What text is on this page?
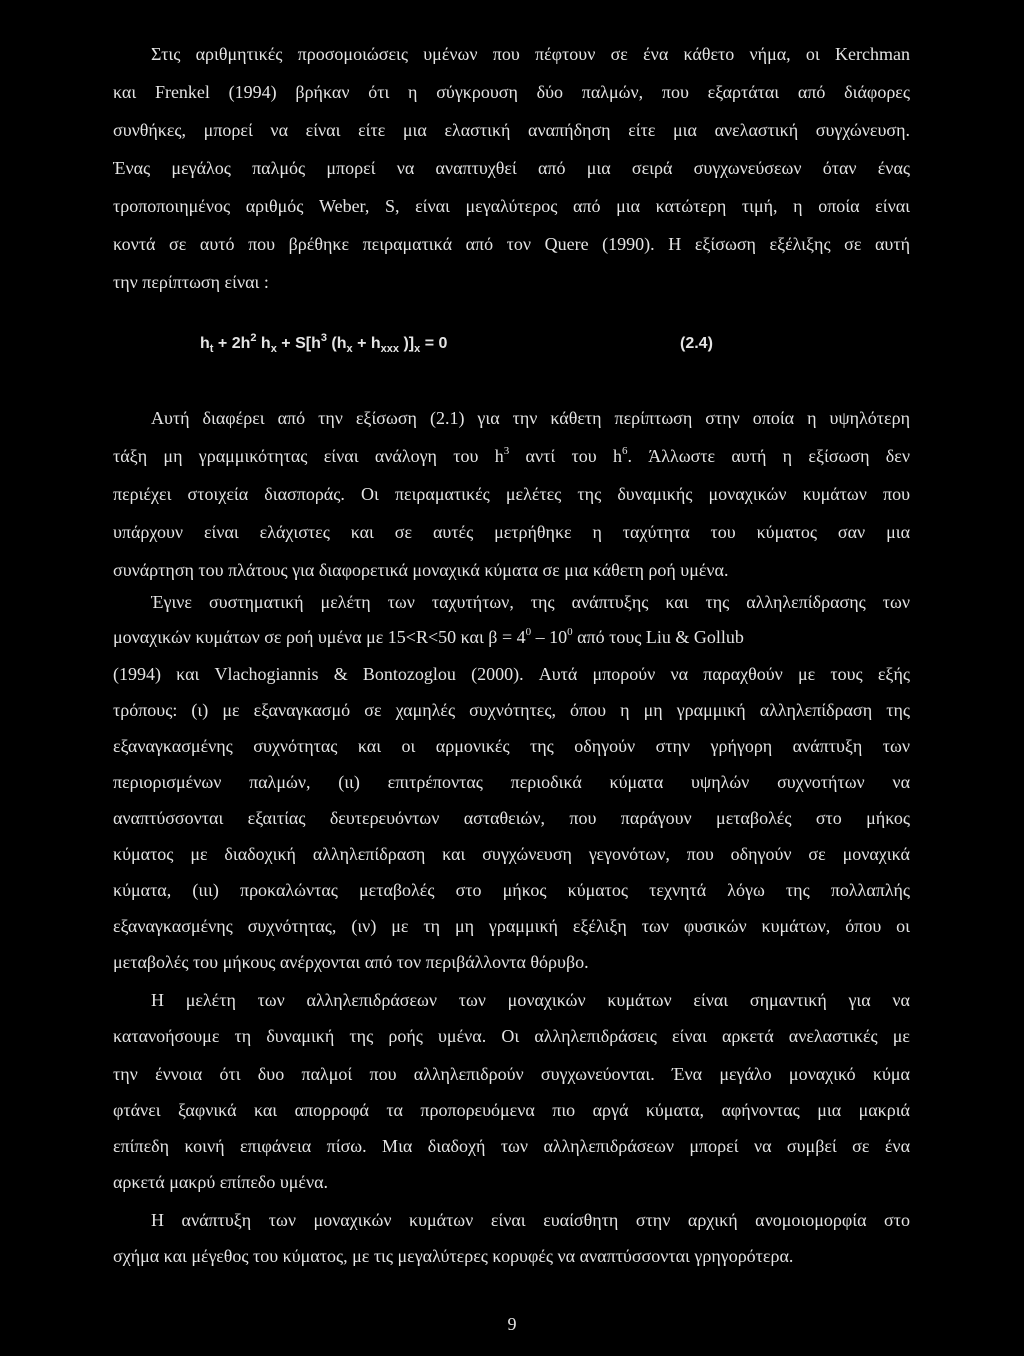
Στις αριθμητικές προσομοιώσεις υμένων που πέφτουν σε ένα κάθετο νήμα, οι Kerchman
και Frenkel (1994) βρήκαν ότι η σύγκρουση δύο παλμών, που εξαρτάται από διάφορες
συνθήκες, μπορεί να είναι είτε μια ελαστική αναπήδηση είτε μια ανελαστική συγχώνευση.
Ένας μεγάλος παλμός μπορεί να αναπτυχθεί από μια σειρά συγχωνεύσεων όταν ένας
τροποποιημένος αριθμός Weber, S, είναι μεγαλύτερος από μια κατώτερη τιμή, η οποία είναι
κοντά σε αυτό που βρέθηκε πειραματικά από τον Quere (1990). Η εξίσωση εξέλιξης σε αυτή
την περίπτωση είναι :
$h_t + 2h^2$ $h_x + S[h^3$ ($h_x + h_{xxx}$ )]$_x = 0$	(2.4)
Αυτή διαφέρει από την εξίσωση (2.1) για την κάθετη περίπτωση στην οποία η υψηλότερη
τάξη μη γραμμικότητας είναι ανάλογη του $h^3$ αντί του $h^6$. Άλλωστε αυτή η εξίσωση δεν
περιέχει στοιχεία διασποράς. Οι πειραματικές μελέτες της δυναμικής μοναχικών κυμάτων που
υπάρχουν είναι ελάχιστες και σε αυτές μετρήθηκε η ταχύτητα του κύματος σαν μια
συνάρτηση του πλάτους για διαφορετικά μοναχικά κύματα σε μια κάθετη ροή υμένα.
Έγινε συστηματική μελέτη των ταχυτήτων, της ανάπτυξης και της αλληλεπίδρασης των
μοναχικών κυμάτων σε ροή υμένα με 15<R<50 και $\beta = 4^0 - 10^0$ από τους Liu & Gollub
(1994) και Vlachogiannis & Bontozoglou (2000). Αυτά μπορούν να παραχθούν με τους εξής
τρόπους: (ι) με εξαναγκασμό σε χαμηλές συχνότητες, όπου η μη γραμμική αλληλεπίδραση της
εξαναγκασμένης συχνότητας και οι αρμονικές της οδηγούν στην γρήγορη ανάπτυξη των
περιορισμένων παλμών, (ιι) επιτρέποντας περιοδικά κύματα υψηλών συχνοτήτων να
αναπτύσσονται εξαιτίας δευτερευόντων ασταθειών, που παράγουν μεταβολές στο μήκος
κύματος με διαδοχική αλληλεπίδραση και συγχώνευση γεγονότων, που οδηγούν σε μοναχικά
κύματα, (ιιι) προκαλώντας μεταβολές στο μήκος κύματος τεχνητά λόγω της πολλαπλής
εξαναγκασμένης συχνότητας, (ιν) με τη μη γραμμική εξέλιξη των φυσικών κυμάτων, όπου οι
μεταβολές του μήκους ανέρχονται από τον περιβάλλοντα θόρυβο.
Η μελέτη των αλληλεπιδράσεων των μοναχικών κυμάτων είναι σημαντική για να
κατανοήσουμε τη δυναμική της ροής υμένα. Οι αλληλεπιδράσεις είναι αρκετά ανελαστικές με
την έννοια ότι δυο παλμοί που αλληλεπιδρούν συγχωνεύονται. Ένα μεγάλο μοναχικό κύμα
φτάνει ξαφνικά και απορροφά τα προπορευόμενα πιο αργά κύματα, αφήνοντας μια μακριά
επίπεδη κοινή επιφάνεια πίσω. Μια διαδοχή των αλληλεπιδράσεων μπορεί να συμβεί σε ένα
αρκετά μακρύ επίπεδο υμένα.
Η ανάπτυξη των μοναχικών κυμάτων είναι ευαίσθητη στην αρχική ανομοιομορφία στο
σχήμα και μέγεθος του κύματος, με τις μεγαλύτερες κορυφές να αναπτύσσονται γρηγορότερα.
9
